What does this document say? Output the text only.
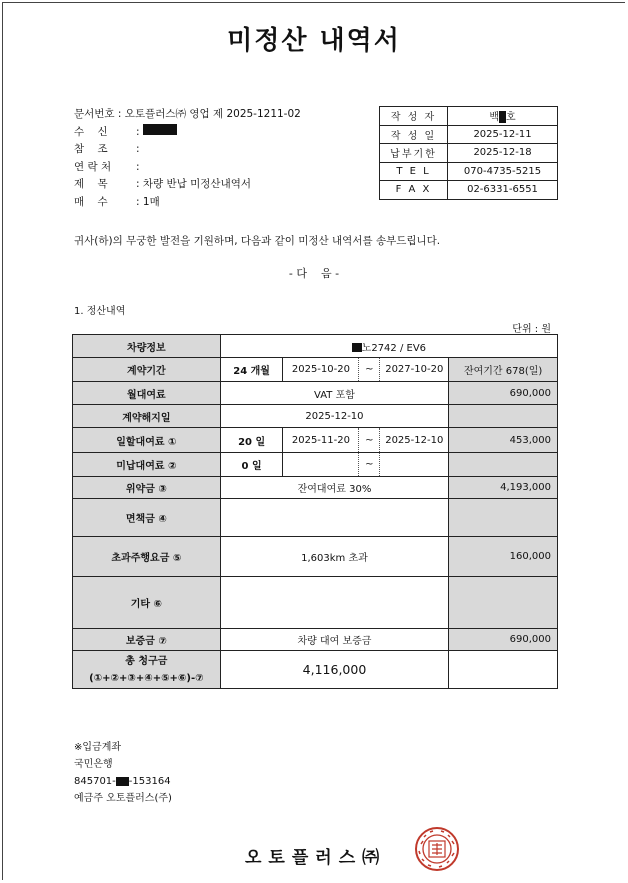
미정산 내역서
문서번호 : 오토플러스㈜ 영업 제 2025-1211-02
수    신	:
참    조	:
연 락 처	:
제    목	: 차량 반납 미정산내역서
매    수	: 1매
작 성 자	백 호
작 성 일	2025-12-11
납부기한	2025-12-18
T E L	070-4735-5215
F A X	02-6331-6551
귀사(하)의 무궁한 발전을 기원하며, 다음과 같이 미정산 내역서를 송부드립니다.
- 다    음 -
1. 정산내역
단위 : 원
차량정보	노2742 / EV6				
계약기간	24 개월	2025-10-20	~	2027-10-20	잔여기간 678(일)
월대여료	VAT 포함				690,000
계약해지일	2025-12-10				
일할대여료 ①	20 일	2025-11-20	~	2025-12-10	453,000
미납대여료 ②	0 일		~		
위약금 ③	잔여대여료 30%				4,193,000
면책금 ④					
초과주행요금 ⑤	1,603km 초과				160,000
기타 ⑥					
보증금 ⑦	차량 대여 보증금				690,000

총 청구금
(①+②+③+④+⑤+⑥)-⑦	4,116,000				
※입금계좌
국민은행
845701- -153164
예금주 오토플러스(주)
오토플러스㈜
